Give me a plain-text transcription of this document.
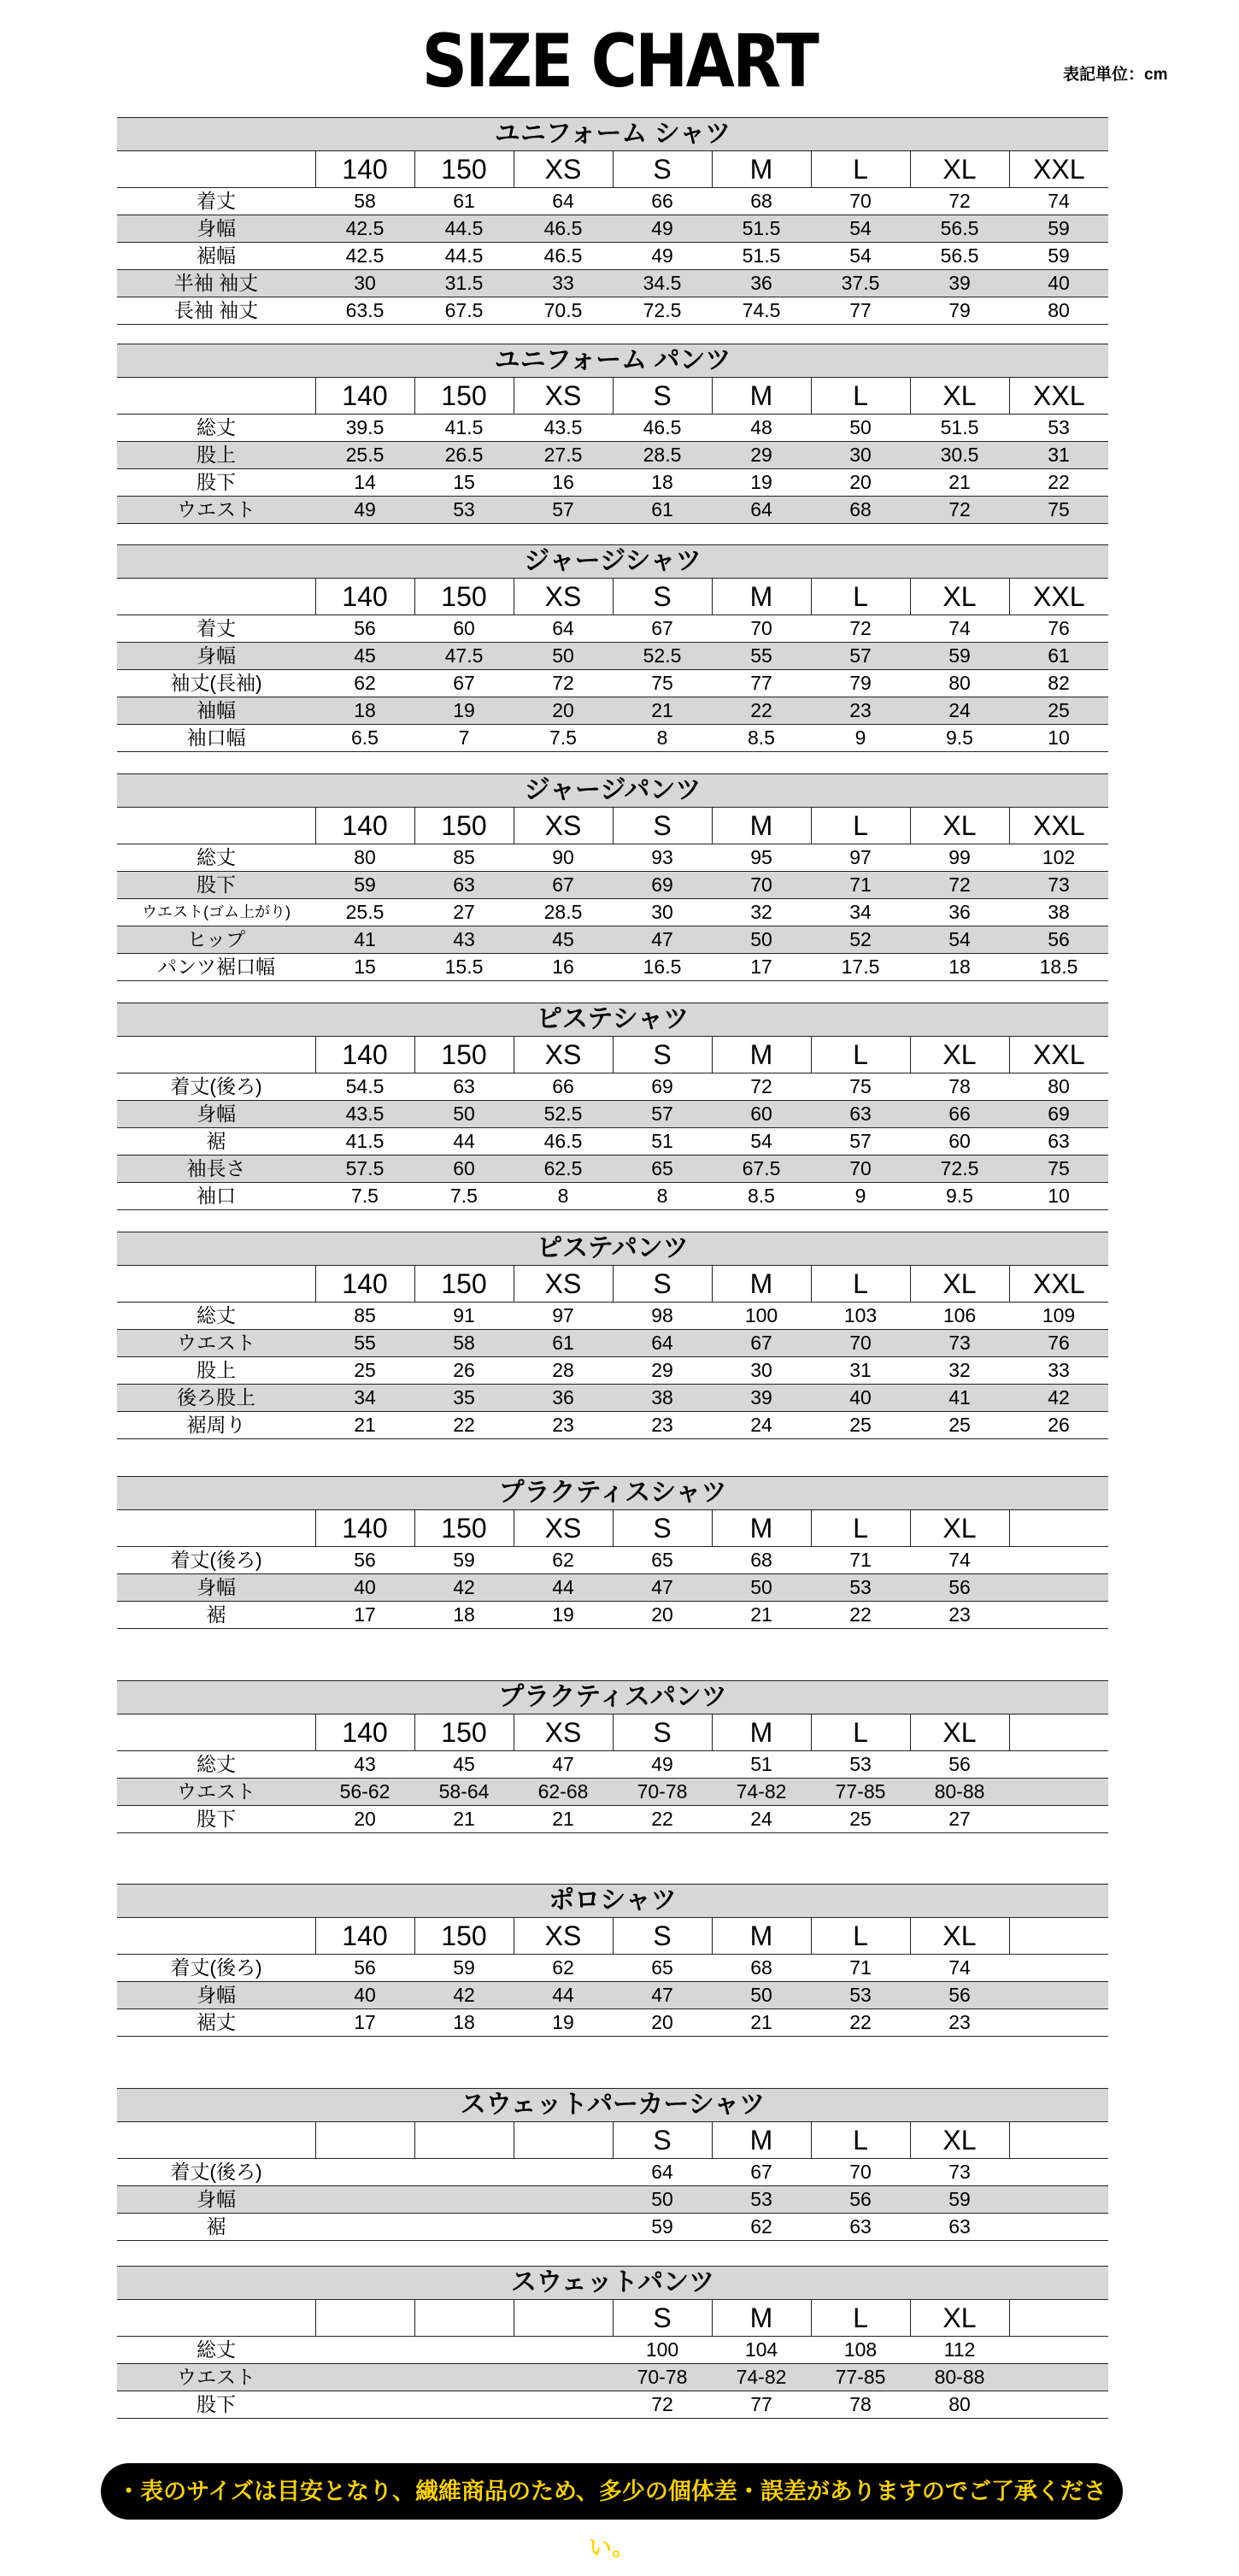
SIZE CHART	表記単位：cm
ユニフォーム シャツ
	140	150	XS	S	M	L	XL	XXL
着丈	58	61	64	66	68	70	72	74
身幅	42.5	44.5	46.5	49	51.5	54	56.5	59
裾幅	42.5	44.5	46.5	49	51.5	54	56.5	59
半袖 袖丈	30	31.5	33	34.5	36	37.5	39	40
長袖 袖丈	63.5	67.5	70.5	72.5	74.5	77	79	80
ユニフォーム パンツ
	140	150	XS	S	M	L	XL	XXL
総丈	39.5	41.5	43.5	46.5	48	50	51.5	53
股上	25.5	26.5	27.5	28.5	29	30	30.5	31
股下	14	15	16	18	19	20	21	22
ウエスト	49	53	57	61	64	68	72	75
ジャージシャツ
	140	150	XS	S	M	L	XL	XXL
着丈	56	60	64	67	70	72	74	76
身幅	45	47.5	50	52.5	55	57	59	61
袖丈(長袖)	62	67	72	75	77	79	80	82
袖幅	18	19	20	21	22	23	24	25
袖口幅	6.5	7	7.5	8	8.5	9	9.5	10
ジャージパンツ
	140	150	XS	S	M	L	XL	XXL
総丈	80	85	90	93	95	97	99	102
股下	59	63	67	69	70	71	72	73
ウエスト(ゴム上がり)	25.5	27	28.5	30	32	34	36	38
ヒップ	41	43	45	47	50	52	54	56
パンツ裾口幅	15	15.5	16	16.5	17	17.5	18	18.5
ピステシャツ
	140	150	XS	S	M	L	XL	XXL
着丈(後ろ)	54.5	63	66	69	72	75	78	80
身幅	43.5	50	52.5	57	60	63	66	69
裾	41.5	44	46.5	51	54	57	60	63
袖長さ	57.5	60	62.5	65	67.5	70	72.5	75
袖口	7.5	7.5	8	8	8.5	9	9.5	10
ピステパンツ
	140	150	XS	S	M	L	XL	XXL
総丈	85	91	97	98	100	103	106	109
ウエスト	55	58	61	64	67	70	73	76
股上	25	26	28	29	30	31	32	33
後ろ股上	34	35	36	38	39	40	41	42
裾周り	21	22	23	23	24	25	25	26
プラクティスシャツ
	140	150	XS	S	M	L	XL	
着丈(後ろ)	56	59	62	65	68	71	74	
身幅	40	42	44	47	50	53	56	
裾	17	18	19	20	21	22	23	
プラクティスパンツ
	140	150	XS	S	M	L	XL	
総丈	43	45	47	49	51	53	56	
ウエスト	56-62	58-64	62-68	70-78	74-82	77-85	80-88	
股下	20	21	21	22	24	25	27	
ポロシャツ
	140	150	XS	S	M	L	XL	
着丈(後ろ)	56	59	62	65	68	71	74	
身幅	40	42	44	47	50	53	56	
裾丈	17	18	19	20	21	22	23	
スウェットパーカーシャツ
				S	M	L	XL	
着丈(後ろ)				64	67	70	73	
身幅				50	53	56	59	
裾				59	62	63	63	
スウェットパンツ
				S	M	L	XL	
総丈				100	104	108	112	
ウエスト				70-78	74-82	77-85	80-88	
股下				72	77	78	80	
・表のサイズは目安となり、繊維商品のため、多少の個体差・誤差がありますのでご了承ください。
